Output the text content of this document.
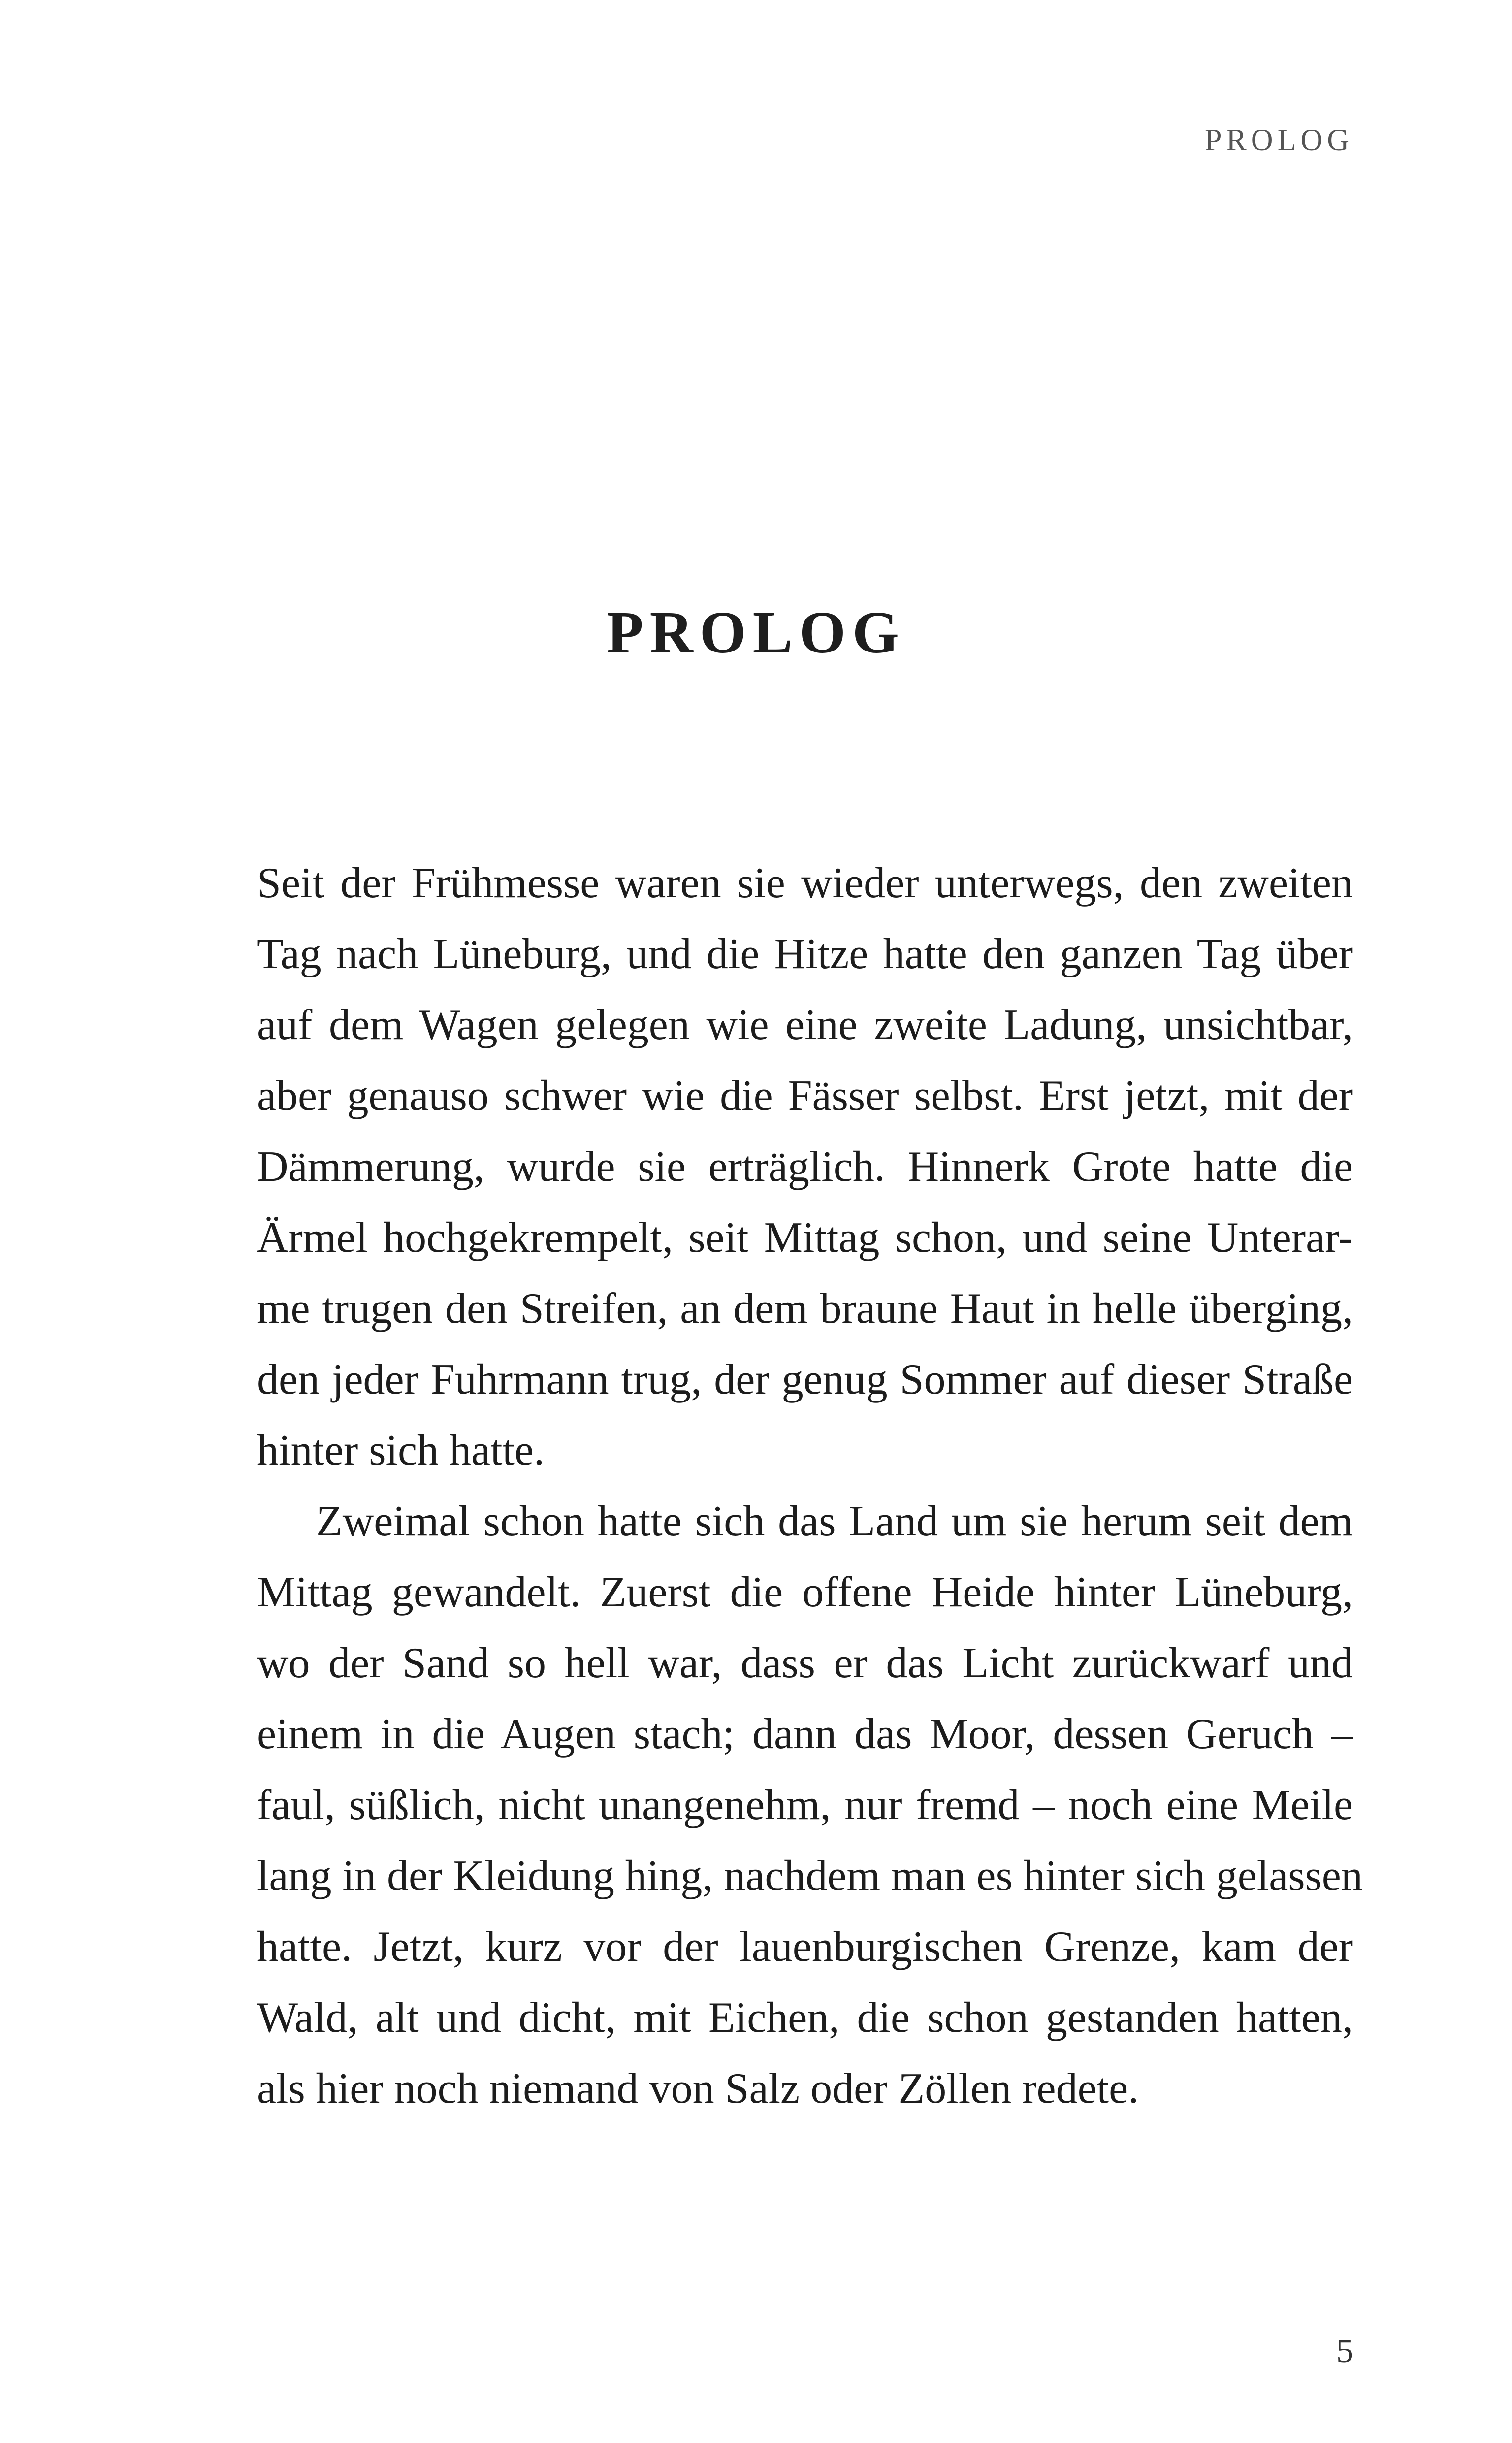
PROLOG
PROLOG
Seit der Frühmesse waren sie wieder unterwegs, den zweiten
Tag nach Lüneburg, und die Hitze hatte den ganzen Tag über
auf dem Wagen gelegen wie eine zweite Ladung, unsichtbar,
aber genauso schwer wie die Fässer selbst. Erst jetzt, mit der
Dämmerung, wurde sie erträglich. Hinnerk Grote hatte die
Ärmel hochgekrempelt, seit Mittag schon, und seine Unterar-
me trugen den Streifen, an dem braune Haut in helle überging,
den jeder Fuhrmann trug, der genug Sommer auf dieser Straße
hinter sich hatte.
Zweimal schon hatte sich das Land um sie herum seit dem
Mittag gewandelt. Zuerst die offene Heide hinter Lüneburg,
wo der Sand so hell war, dass er das Licht zurückwarf und
einem in die Augen stach; dann das Moor, dessen Geruch –
faul, süßlich, nicht unangenehm, nur fremd – noch eine Meile
lang in der Kleidung hing, nachdem man es hinter sich gelassen
hatte. Jetzt, kurz vor der lauenburgischen Grenze, kam der
Wald, alt und dicht, mit Eichen, die schon gestanden hatten,
als hier noch niemand von Salz oder Zöllen redete.
5
